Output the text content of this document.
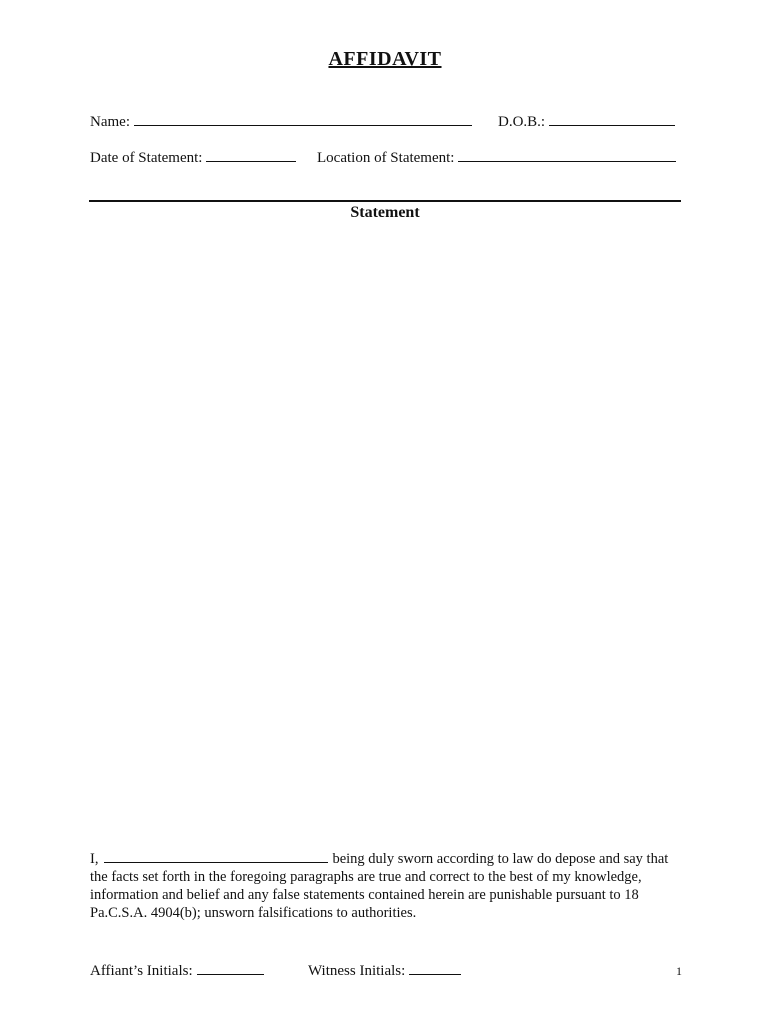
AFFIDAVIT
Name:	D.O.B.:
Date of Statement:	Location of Statement:
Statement
I,	being duly sworn according to law do depose and say that the facts set forth in the foregoing paragraphs are true and correct to the best of my knowledge, information and belief and any false statements contained herein are punishable pursuant to 18 Pa.C.S.A. 4904(b); unsworn falsifications to authorities.
Affiant’s Initials:	Witness Initials:	1
